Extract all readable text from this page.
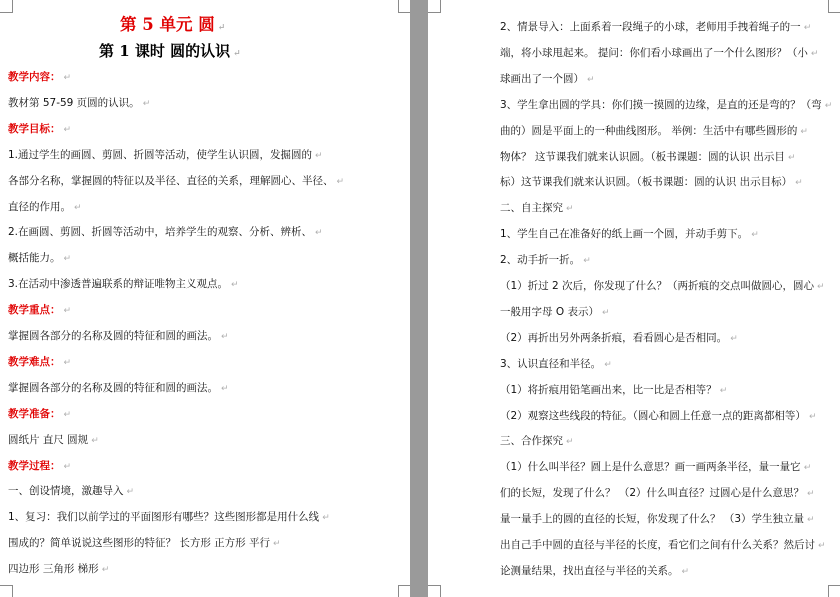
第 5 单元 圆 ↵
第 1 课时 圆的认识 ↵
教学内容： ↵
教材第 57-59 页圆的认识。 ↵
教学目标： ↵
1.通过学生的画圆、剪圆、折圆等活动，使学生认识圆，发掘圆的 ↵
各部分名称，掌握圆的特征以及半径、直径的关系，理解圆心、半径、 ↵
直径的作用。 ↵
2.在画圆、剪圆、折圆等活动中，培养学生的观察、分析、辨析、 ↵
概括能力。 ↵
3.在活动中渗透普遍联系的辩证唯物主义观点。 ↵
教学重点： ↵
掌握圆各部分的名称及圆的特征和圆的画法。 ↵
教学难点： ↵
掌握圆各部分的名称及圆的特征和圆的画法。 ↵
教学准备： ↵
圆纸片 直尺 圆规 ↵
教学过程： ↵
一、创设情境，激趣导入 ↵
1、复习：我们以前学过的平面图形有哪些？这些图形都是用什么线 ↵
围成的？简单说说这些图形的特征？ 长方形 正方形 平行 ↵
四边形 三角形 梯形 ↵
2、情景导入：上面系着一段绳子的小球，老师用手拽着绳子的一 ↵
端，将小球甩起来。 提问：你们看小球画出了一个什么图形？（小 ↵
球画出了一个圆） ↵
3、学生拿出圆的学具：你们摸一摸圆的边缘，是直的还是弯的？（弯 ↵
曲的）圆是平面上的一种曲线图形。 举例：生活中有哪些圆形的 ↵
物体？ 这节课我们就来认识圆。（板书课题：圆的认识 出示目 ↵
标）这节课我们就来认识圆。（板书课题：圆的认识 出示目标） ↵
二、自主探究 ↵
1、学生自己在准备好的纸上画一个圆，并动手剪下。 ↵
2、动手折一折。 ↵
（1）折过 2 次后，你发现了什么？（两折痕的交点叫做圆心，圆心 ↵
一般用字母 O 表示） ↵
（2）再折出另外两条折痕，看看圆心是否相同。 ↵
3、认识直径和半径。 ↵
（1）将折痕用铅笔画出来，比一比是否相等？ ↵
（2）观察这些线段的特征。（圆心和圆上任意一点的距离都相等） ↵
三、合作探究 ↵
（1）什么叫半径？圆上是什么意思？画一画两条半径，量一量它 ↵
们的长短，发现了什么？ （2）什么叫直径？过圆心是什么意思？ ↵
量一量手上的圆的直径的长短，你发现了什么？ （3）学生独立量 ↵
出自己手中圆的直径与半径的长度，看它们之间有什么关系？然后讨 ↵
论测量结果，找出直径与半径的关系。 ↵
